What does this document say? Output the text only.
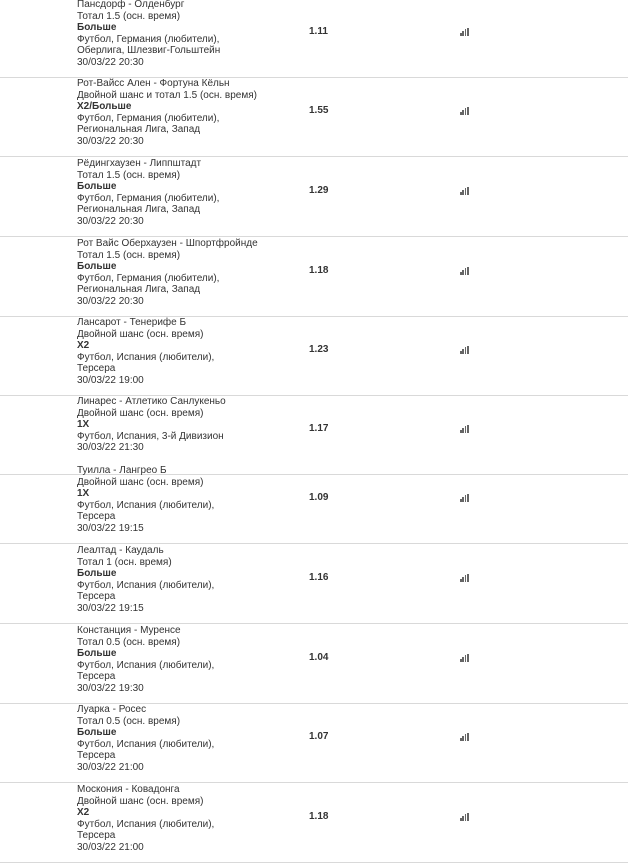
Пансдорф - Олденбург
Тотал 1.5 (осн. время)
Больше
Футбол, Германия (любители),
Оберлига, Шлезвиг-Гольштейн
30/03/22 20:30
1.11
Рот-Вайсс Ален - Фортуна Кёльн
Двойной шанс и тотал 1.5 (осн. время)
X2/Больше
Футбол, Германия (любители),
Региональная Лига, Запад
30/03/22 20:30
1.55
Рёдингхаузен - Липпштадт
Тотал 1.5 (осн. время)
Больше
Футбол, Германия (любители),
Региональная Лига, Запад
30/03/22 20:30
1.29
Рот Вайс Оберхаузен - Шпортфройнде
Тотал 1.5 (осн. время)
Больше
Футбол, Германия (любители),
Региональная Лига, Запад
30/03/22 20:30
1.18
Лансарот - Тенерифе Б
Двойной шанс (осн. время)
X2
Футбол, Испания (любители),
Терсера
30/03/22 19:00
1.23
Линарес - Атлетико Санлукеньо
Двойной шанс (осн. время)
1X
Футбол, Испания, 3-й Дивизион
30/03/22 21:30
1.17
Туилла - Лангрео Б
Двойной шанс (осн. время)
1X
Футбол, Испания (любители),
Терсера
30/03/22 19:15
1.09
Леалтад - Каудаль
Тотал 1 (осн. время)
Больше
Футбол, Испания (любители),
Терсера
30/03/22 19:15
1.16
Констанция - Муренсе
Тотал 0.5 (осн. время)
Больше
Футбол, Испания (любители),
Терсера
30/03/22 19:30
1.04
Луарка - Росес
Тотал 0.5 (осн. время)
Больше
Футбол, Испания (любители),
Терсера
30/03/22 21:00
1.07
Москония - Ковадонга
Двойной шанс (осн. время)
X2
Футбол, Испания (любители),
Терсера
30/03/22 21:00
1.18
